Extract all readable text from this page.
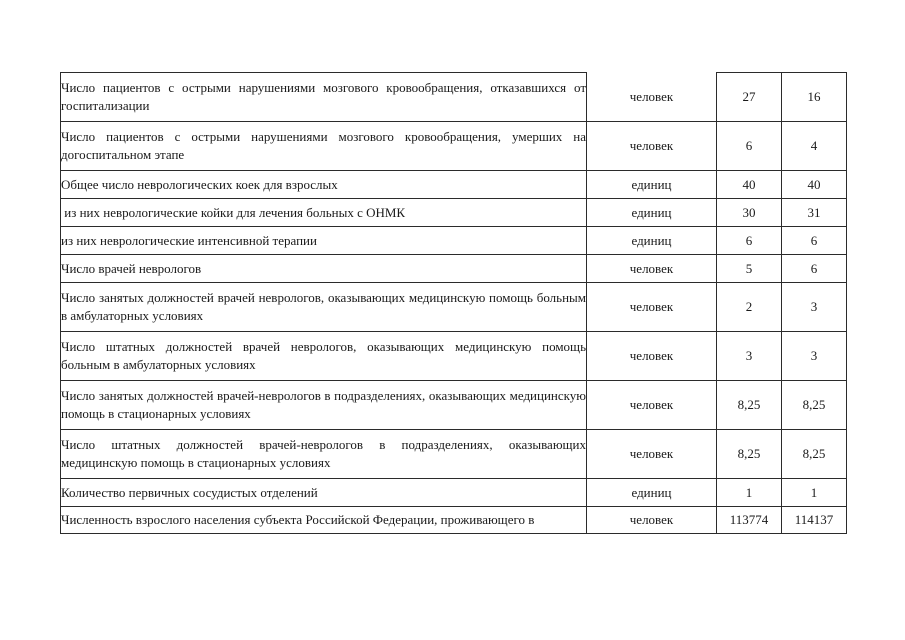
Число пациентов с острыми нарушениями мозгового кровообращения, отказавшихся от госпитализации	человек	27	16

Число пациентов с острыми нарушениями мозгового кровообращения, умерших на догоспитальном этапе	человек	6	4

Общее число неврологических коек для взрослых	единиц	40	40

из них неврологические койки для лечения больных с ОНМК	единиц	30	31

из них неврологические интенсивной терапии	единиц	6	6

Число врачей неврологов	человек	5	6

Число занятых должностей врачей неврологов, оказывающих медицинскую помощь больным в амбулаторных условиях	человек	2	3

Число штатных должностей врачей неврологов, оказывающих медицинскую помощь больным в амбулаторных условиях	человек	3	3

Число занятых должностей врачей-неврологов в подразделениях, оказывающих медицинскую помощь в стационарных условиях	человек	8,25	8,25

Число штатных должностей врачей-неврологов в подразделениях, оказывающих медицинскую помощь в стационарных условиях	человек	8,25	8,25

Количество первичных сосудистых отделений	единиц	1	1

Численность взрослого населения субъекта Российской Федерации, проживающего в	человек	113774	114137
